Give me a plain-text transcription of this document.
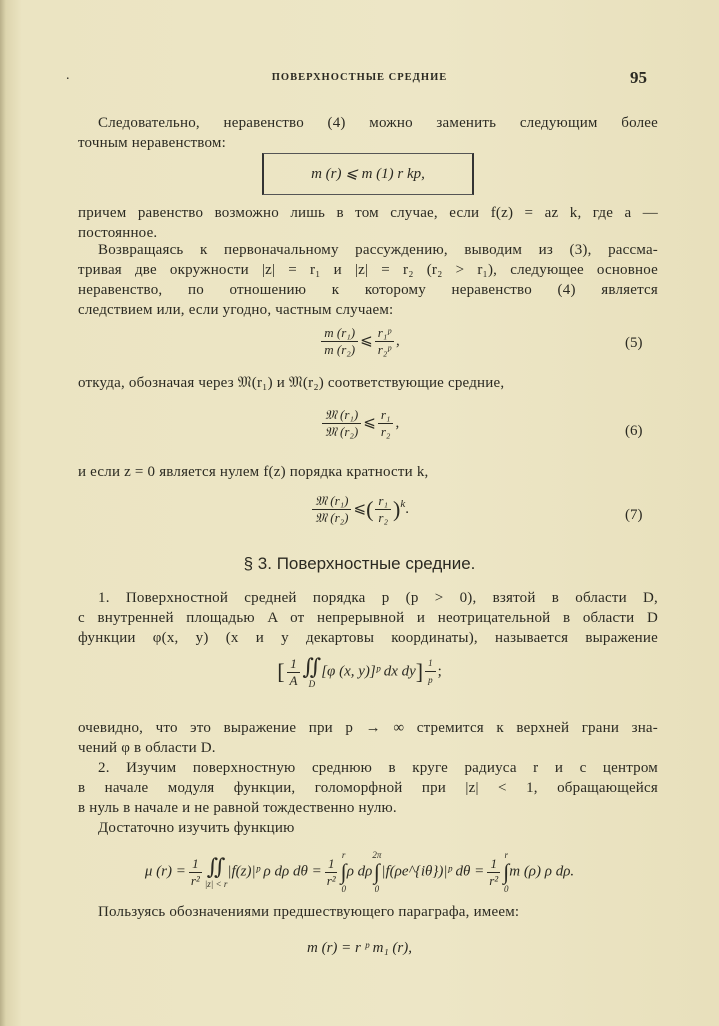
.	ПОВЕРХНОСТНЫЕ СРЕДНИЕ	95
Следовательно, неравенство (4) можно заменить следующим более
точным неравенством:
m (r) ⩽ m (1) r kp,
причем равенство возможно лишь в том случае, если f(z) = az k, где a —
постоянное.
Возвращаясь к первоначальному рассуждению, выводим из (3), рассма-
тривая две окружности |z| = r₁ и |z| = r₂ (r₂ > r₁), следующее основное
неравенство, по отношению к которому неравенство (4) является
следствием или, если угодно, частным случаем:
$\frac{\text{m (r₁)}}{\text{m (r₂)}}$ ⩽ $\frac{\text{r₁ᵖ}}{\text{r₂ᵖ}}$ ,	(5)
откуда, обозначая через 𝔐(r₁) и 𝔐(r₂) соответствующие средние,
$\frac{\text{𝔐 (r₁)}}{\text{𝔐 (r₂)}}$ ⩽ $\frac{\text{r₁}}{\text{r₂}}$ ,
(6)
и если z = 0 является нулем f(z) порядка кратности k,
$\frac{\text{𝔐 (r₁)}}{\text{𝔐 (r₂)}}$ ⩽( $\frac{\text{r₁}}{\text{r₂}} )^k$.	(7)
§ 3. Поверхностные средние.
1. Поверхностной средней порядка p (p > 0), взятой в области D,
с внутренней площадью A от непрерывной и неотрицательной в области D
функции φ(x, y) (x и y декартовы координаты), называется выражение
[ $\frac{1}{A}$ ∬
D
[φ (x, y)]ᵖ dx $dy] \frac{1}{p}$ ;
очевидно, что это выражение при p → ∞ стремится к верхней грани зна-
чений φ в области D.
2. Изучим поверхностную среднюю в круге радиуса r и с центром
в начале модуля функции, голоморфной при |z| < 1, обращающейся
в нуль в начале и не равной тождественно нулю.
Достаточно изучить функцию
μ $(r) = \frac{1}{\text{r²}}$ ∬
|z| < r
|f(z)|ᵖ ρ dρ $d\theta = \frac{1}{\text{r²}}$
r
∫
0
ρ dρ
2π
∫
0
|f(ρe^{iθ})|ᵖ $d\theta = \frac{1}{\text{r²}}$
r
∫
0
m (ρ) ρ dρ.
Пользуясь обозначениями предшествующего параграфа, имеем:
m (r) = r ᵖ m₁ (r),
